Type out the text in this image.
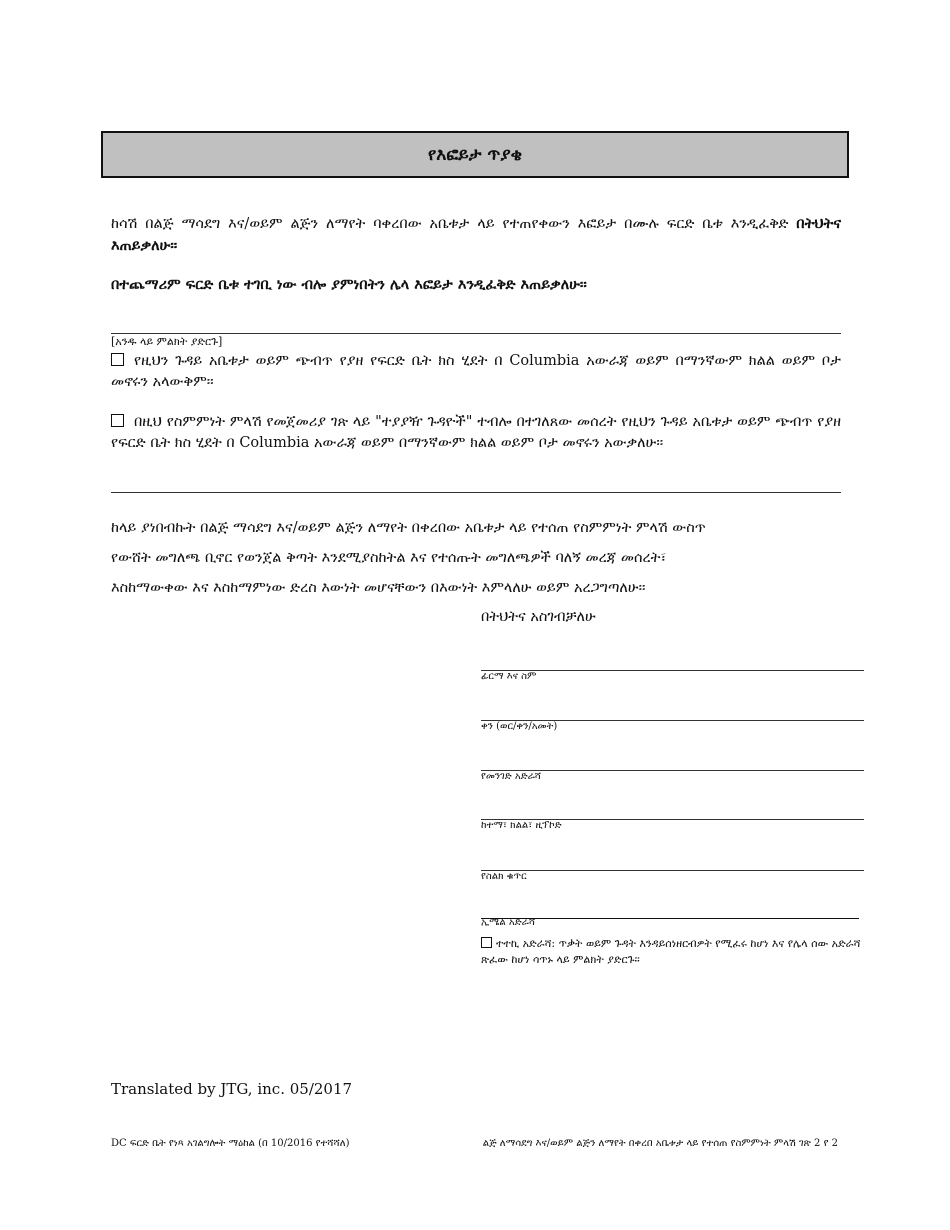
የእፎይታ ጥያቄ
ከሳሽ በልጅ ማሳደግ እና/ወይም ልጅን ለማየት ባቀረበው አቤቱታ ላይ የተጠየቀውን እፎይታ በሙሉ ፍርድ ቤቱ እንዲፈቅድ በትህትና እጠይቃለሁ፡፡
በተጨማሪም ፍርድ ቤቱ ተገቢ ነው ብሎ ያምነበትን ሌላ እፎይታ እንዲፈቅድ እጠይቃለሁ፡፡
[አንዱ ላይ ምልክት ያድርጉ]
የዚህን ጉዳይ አቤቱታ ወይም ጭብጥ የያዘ የፍርድ ቤት ክስ ሂደት በ Columbia አውራጃ ወይም በማንኛውም ክልል ወይም ቦታ መኖሩን አላውቅም፡፡
በዚህ የስምምነት ምላሽ የመጀመሪያ ገጽ ላይ "ተያያዥ ጉዳዮች" ተብሎ በተገለጸው መሰረት የዚህን ጉዳይ አቤቱታ ወይም ጭብጥ የያዘ የፍርድ ቤት ክስ ሂደት በ Columbia አውራጃ ወይም በማንኛውም ክልል ወይም ቦታ መኖሩን አውቃለሁ፡፡
ከላይ ያነበብኩት በልጅ ማሳደግ እና/ወይም ልጅን ለማየት በቀረበው አቤቱታ ላይ የተሰጠ የስምምነት ምላሽ ውስጥ
የውሸት መግለጫ ቢኖር የወንጀል ቅጣት እንደሚያስከትል እና የተሰጡት መግለጫዎች ባለኝ መረጃ መሰረት፣
እስከማውቀው እና እስከማምነው ድረስ እውነት መሆናቸውን በእውነት እምላለሁ ወይም አረጋግጣለሁ፡፡
በትህትና አስገብቻለሁ
ፊርማ እና ስም
ቀን (ወር/ቀን/አመት)
የመንገድ አድራሻ
ከተማ፣ ክልል፣ ዚፕኮድ
የስልክ ቁጥር
ኢሜል አድራሻ
ተተኪ አድራሻ: ጥቃት ወይም ጉዳት እንዳይሰነዘርብዎት የሚፈሩ ከሆነ እና የሌላ ሰው አድራሻ ጽፈው ከሆነ ሳጥኑ ላይ ምልክት ያድርጉ፡፡
Translated by JTG, inc. 05/2017
DC ፍርድ ቤት የነጻ አገልግሎት ማዕከል (በ 10/2016 የተሻሻለ)	ልጅ ለማሳደግ እና/ወይም ልጅን ለማየት በቀረበ አቤቱታ ላይ የተሰጠ የስምምነት ምላሽ ገጽ 2 የ 2
